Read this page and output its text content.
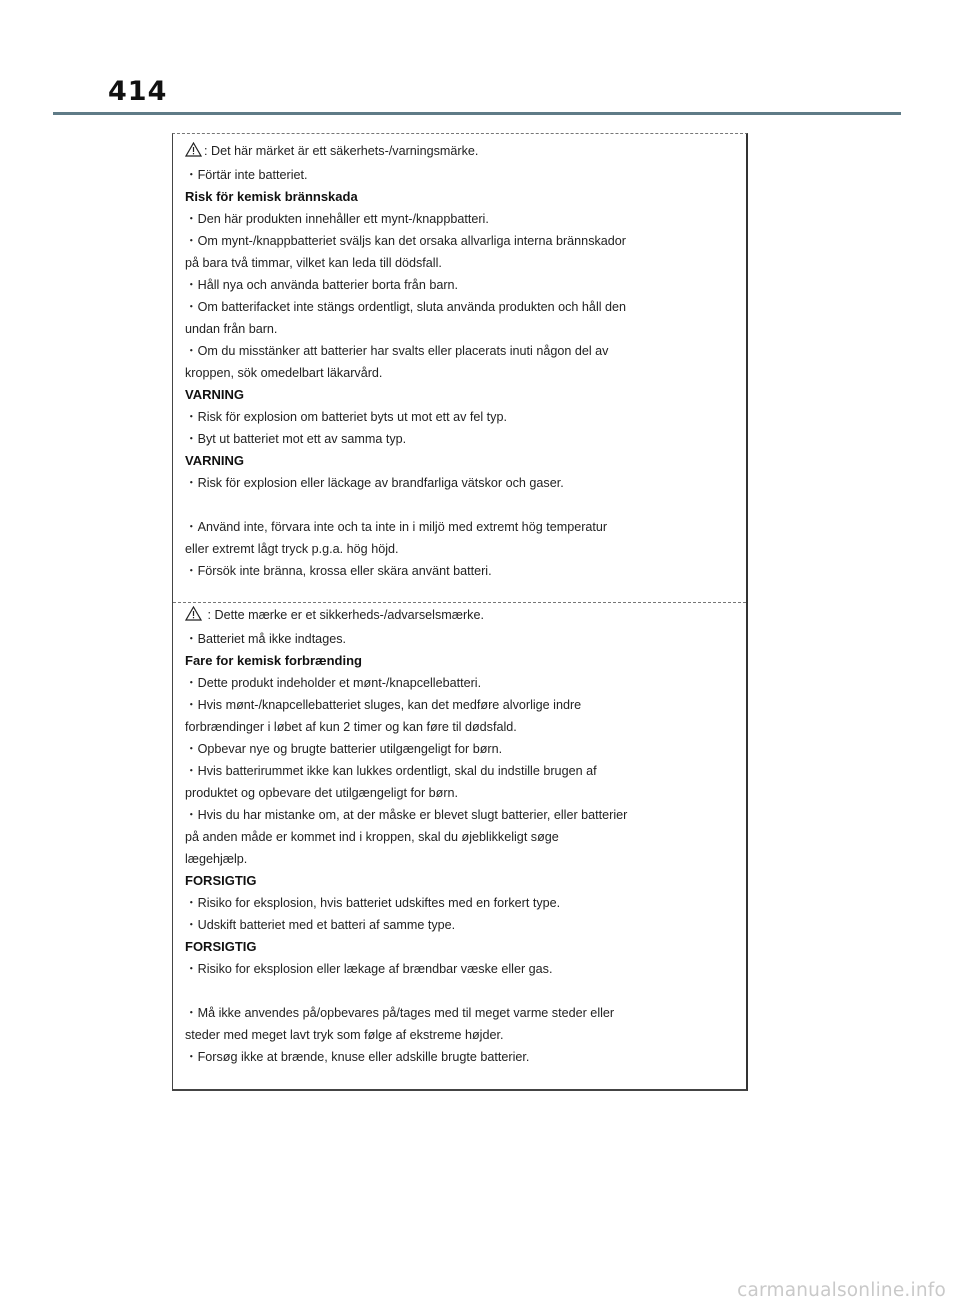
414

: Det här märket är ett säkerhets-/varningsmärke.

・Förtär inte batteriet.

Risk för kemisk brännskada

・Den här produkten innehåller ett mynt-/knappbatteri.

・Om mynt-/knappbatteriet sväljs kan det orsaka allvarliga interna brännskador

på bara två timmar, vilket kan leda till dödsfall.

・Håll nya och använda batterier borta från barn.

・Om batterifacket inte stängs ordentligt, sluta använda produkten och håll den

undan från barn.

・Om du misstänker att batterier har svalts eller placerats inuti någon del av

kroppen, sök omedelbart läkarvård.

VARNING

・Risk för explosion om batteriet byts ut mot ett av fel typ.

・Byt ut batteriet mot ett av samma typ.

VARNING

・Risk för explosion eller läckage av brandfarliga vätskor och gaser.

・Använd inte, förvara inte och ta inte in i miljö med extremt hög temperatur

eller extremt lågt tryck p.g.a. hög höjd.

・Försök inte bränna, krossa eller skära använt batteri.

: Dette mærke er et sikkerheds-/advarselsmærke.

・Batteriet må ikke indtages.

Fare for kemisk forbrænding

・Dette produkt indeholder et mønt-/knapcellebatteri.

・Hvis mønt-/knapcellebatteriet sluges, kan det medføre alvorlige indre

forbrændinger i løbet af kun 2 timer og kan føre til dødsfald.

・Opbevar nye og brugte batterier utilgængeligt for børn.

・Hvis batterirummet ikke kan lukkes ordentligt, skal du indstille brugen af

produktet og opbevare det utilgængeligt for børn.

・Hvis du har mistanke om, at der måske er blevet slugt batterier, eller batterier

på anden måde er kommet ind i kroppen, skal du øjeblikkeligt søge

lægehjælp.

FORSIGTIG

・Risiko for eksplosion, hvis batteriet udskiftes med en forkert type.

・Udskift batteriet med et batteri af samme type.

FORSIGTIG

・Risiko for eksplosion eller lækage af brændbar væske eller gas.

・Må ikke anvendes på/opbevares på/tages med til meget varme steder eller

steder med meget lavt tryk som følge af ekstreme højder.

・Forsøg ikke at brænde, knuse eller adskille brugte batterier.

carmanualsonline.info
